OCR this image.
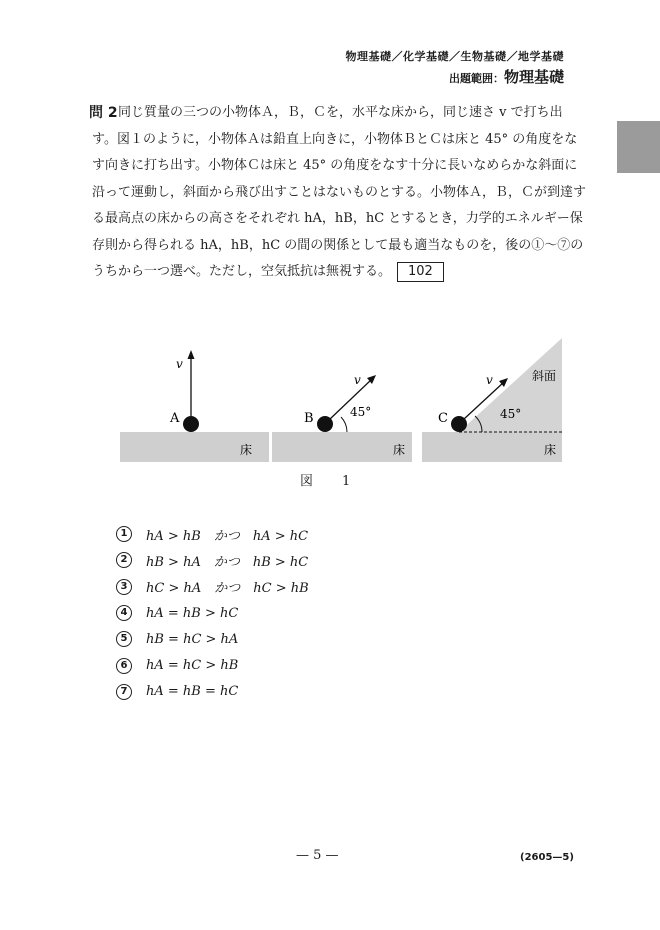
物理基礎／化学基礎／生物基礎／地学基礎
出題範囲：物理基礎
問 2 同じ質量の三つの小物体Ａ，Ｂ，Ｃを，水平な床から，同じ速さ v で打ち出
す。図１のように，小物体Ａは鉛直上向きに，小物体ＢとＣは床と 45° の角度をなす向きに打ち出す。小物体Ｃは床と 45° の角度をなす十分に長いなめらかな斜面に沿って運動し，斜面から飛び出すことはないものとする。小物体Ａ，Ｂ，Ｃが到達する最高点の床からの高さをそれぞれ hA，hB，hC とするとき，力学的エネルギー保存則から得られる hA，hB，hC の間の関係として最も適当なものを，後の①～⑦のうちから一つ選べ。ただし，空気抵抗は無視する。 102
v
A
床
v
45°
B
床
v
45°
C
斜面
床
図　1
1	hA > hB　かつ　hA > hC
2	hB > hA　かつ　hB > hC
3	hC > hA　かつ　hC > hB
4	hA = hB > hC
5	hB = hC > hA
6	hA = hC > hB
7	hA = hB = hC
— 5 —	(2605—5)
